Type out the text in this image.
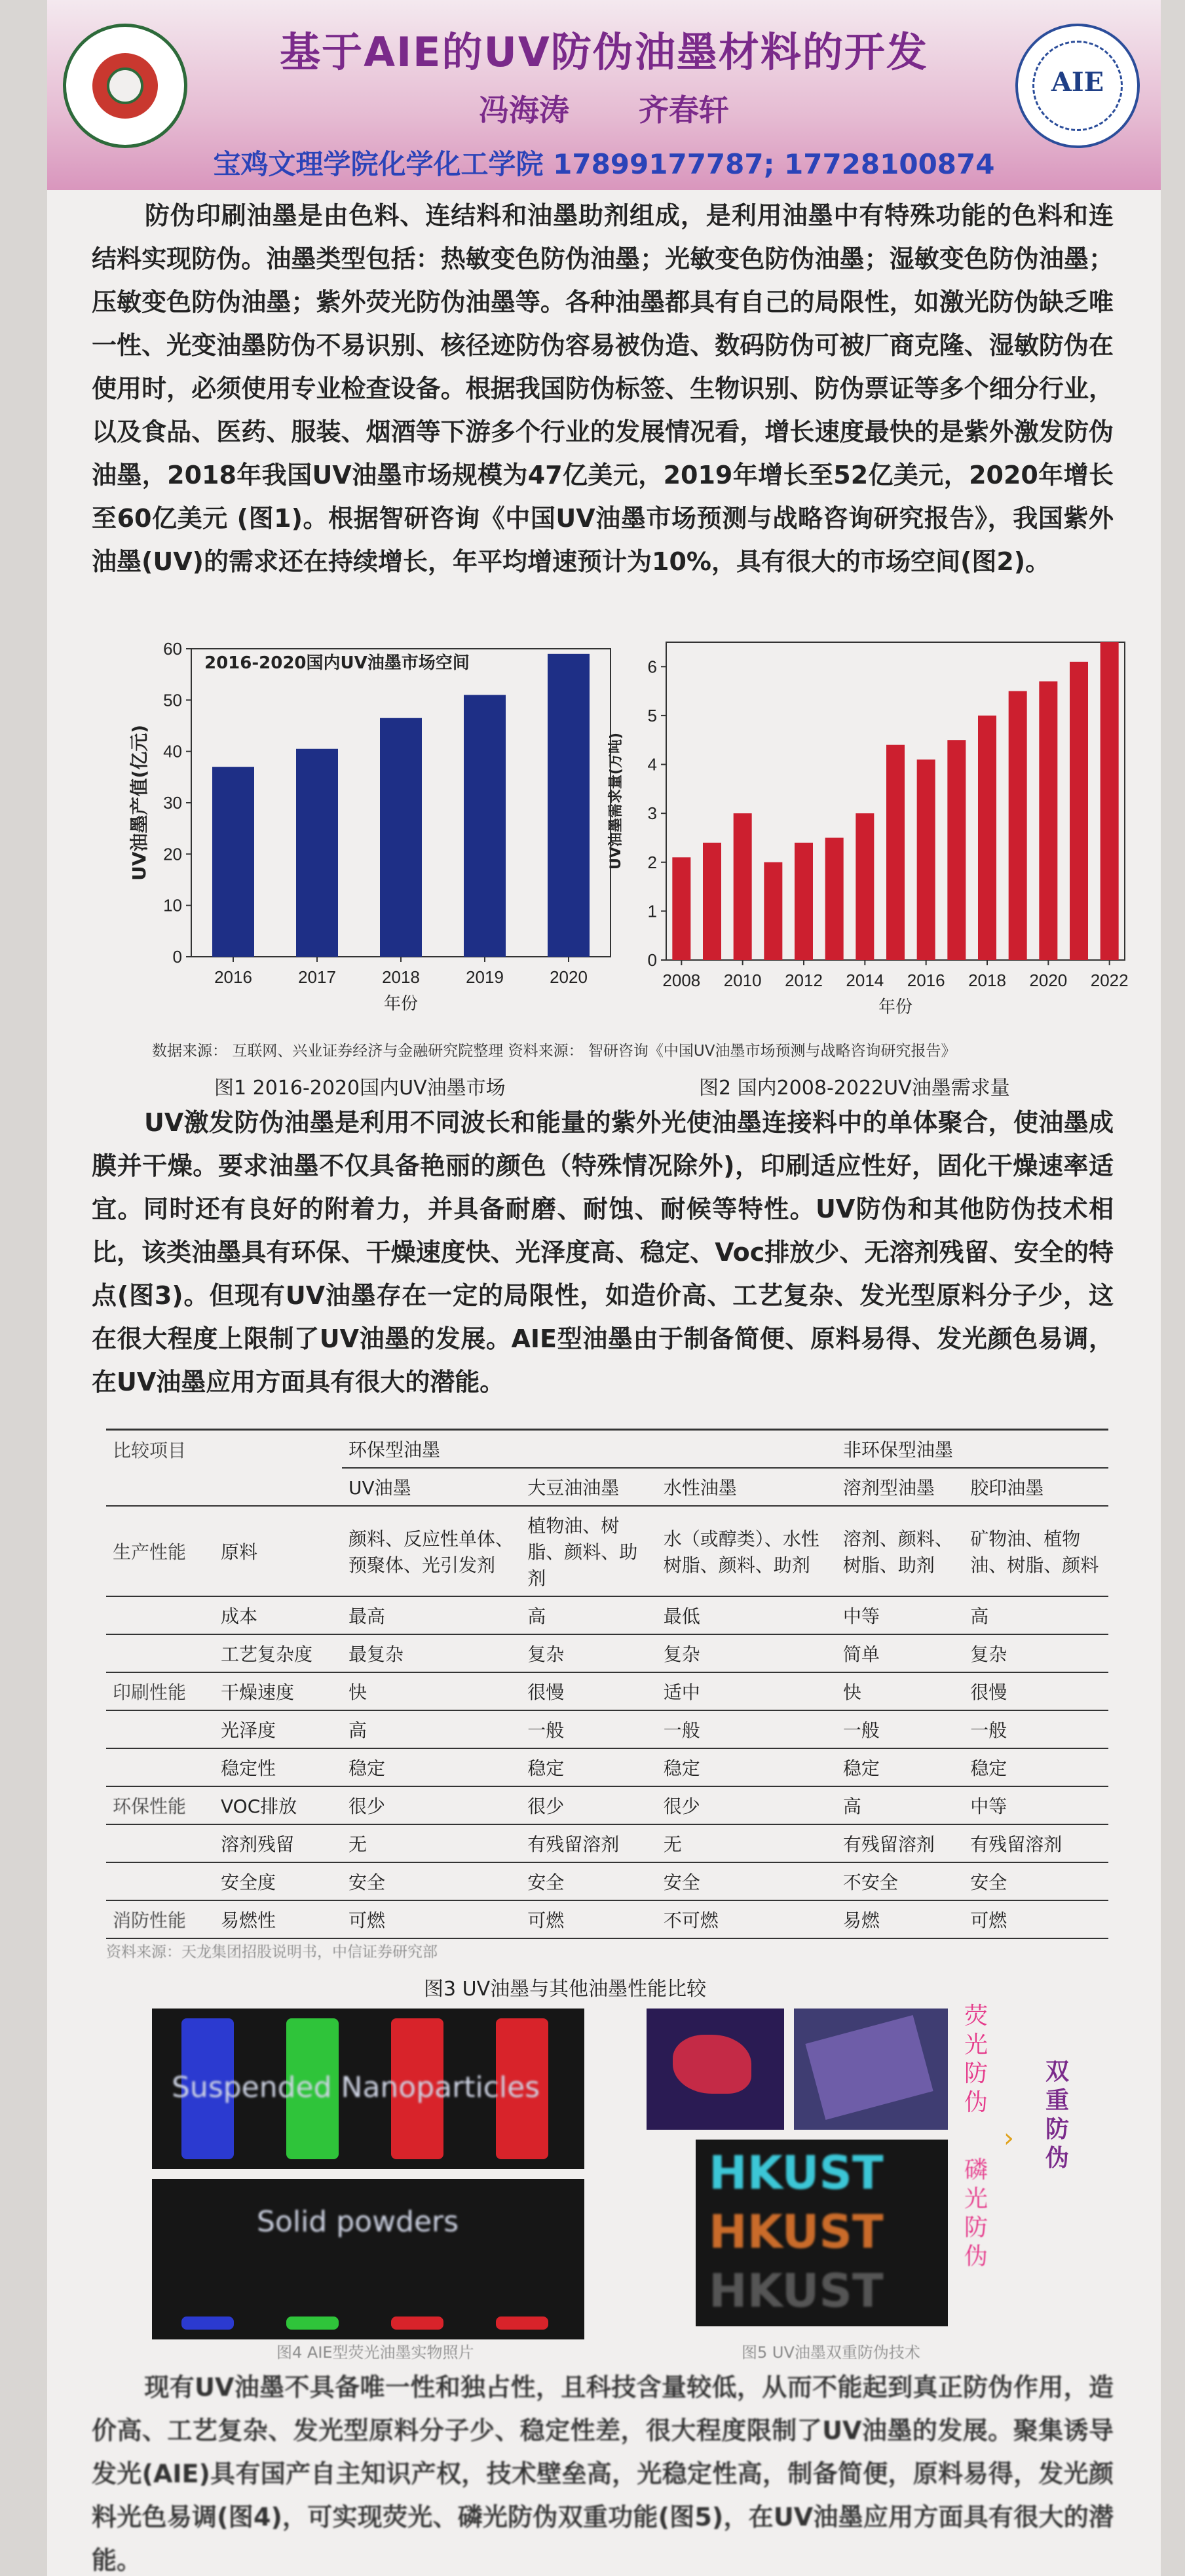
基于AIE的UV防伪油墨材料的开发
冯海涛 齐春轩
宝鸡文理学院化学化工学院 17899177787; 17728100874
AIE
防伪印刷油墨是由色料、连结料和油墨助剂组成，是利用油墨中有特殊功能的色料和连结料实现防伪。油墨类型包括：热敏变色防伪油墨；光敏变色防伪油墨；湿敏变色防伪油墨；压敏变色防伪油墨；紫外荧光防伪油墨等。各种油墨都具有自己的局限性，如激光防伪缺乏唯一性、光变油墨防伪不易识别、核径迹防伪容易被伪造、数码防伪可被厂商克隆、湿敏防伪在使用时，必须使用专业检查设备。根据我国防伪标签、生物识别、防伪票证等多个细分行业，以及食品、医药、服装、烟酒等下游多个行业的发展情况看，增长速度最快的是紫外激发防伪油墨，2018年我国UV油墨市场规模为47亿美元，2019年增长至52亿美元，2020年增长至60亿美元 (图1)。根据智研咨询《中国UV油墨市场预测与战略咨询研究报告》，我国紫外油墨(UV)的需求还在持续增长，年平均增速预计为10%，具有很大的市场空间(图2)。
0
10
20
30
40
50
60
2016	2017	2018	2019	2020
年份
UV油墨产值(亿元)
2016-2020国内UV油墨市场空间
0
1
2
3
4
5
6
2008 2010 2012 2014 2016 2018 2020 2022
年份
UV油墨需求量(万吨)
数据来源： 互联网、兴业证券经济与金融研究院整理 资料来源： 智研咨询《中国UV油墨市场预测与战略咨询研究报告》
图1 2016-2020国内UV油墨市场	图2 国内2008-2022UV油墨需求量
UV激发防伪油墨是利用不同波长和能量的紫外光使油墨连接料中的单体聚合，使油墨成膜并干燥。要求油墨不仅具备艳丽的颜色（特殊情况除外)，印刷适应性好，固化干燥速率适宜。同时还有良好的附着力，并具备耐磨、耐蚀、耐候等特性。UV防伪和其他防伪技术相比，该类油墨具有环保、干燥速度快、光泽度高、稳定、Voc排放少、无溶剂残留、安全的特点(图3)。但现有UV油墨存在一定的局限性，如造价高、工艺复杂、发光型原料分子少，这在很大程度上限制了UV油墨的发展。AIE型油墨由于制备简便、原料易得、发光颜色易调，在UV油墨应用方面具有很大的潜能。
比较项目		环保型油墨			非环保型油墨	
		UV油墨	大豆油油墨	水性油墨	溶剂型油墨	胶印油墨
生产性能	原料	颜料、反应性单体、预聚体、光引发剂	植物油、树脂、颜料、助剂	水（或醇类）、水性树脂、颜料、助剂	溶剂、颜料、树脂、助剂	矿物油、植物油、树脂、颜料
	成本	最高	高	最低	中等	高
	工艺复杂度	最复杂	复杂	复杂	简单	复杂
印刷性能	干燥速度	快	很慢	适中	快	很慢
	光泽度	高	一般	一般	一般	一般
	稳定性	稳定	稳定	稳定	稳定	稳定
环保性能	VOC排放	很少	很少	很少	高	中等
	溶剂残留	无	有残留溶剂	无	有残留溶剂	有残留溶剂
	安全度	安全	安全	安全	不安全	安全
消防性能	易燃性	可燃	可燃	不可燃	易燃	可燃
资料来源：天龙集团招股说明书，中信证券研究部
图3 UV油墨与其他油墨性能比较
Suspended Nanoparticles
Solid powders
图4 AIE型荧光油墨实物照片
荧光防伪
›
双重防伪
HKUST
HKUST
HKUST
磷光防伪
图5 UV油墨双重防伪技术
现有UV油墨不具备唯一性和独占性，且科技含量较低，从而不能起到真正防伪作用，造价高、工艺复杂、发光型原料分子少、稳定性差，很大程度限制了UV油墨的发展。聚集诱导发光(AIE)具有国产自主知识产权，技术壁垒高，光稳定性高，制备简便，原料易得，发光颜料光色易调(图4)，可实现荧光、磷光防伪双重功能(图5)，在UV油墨应用方面具有很大的潜能。
